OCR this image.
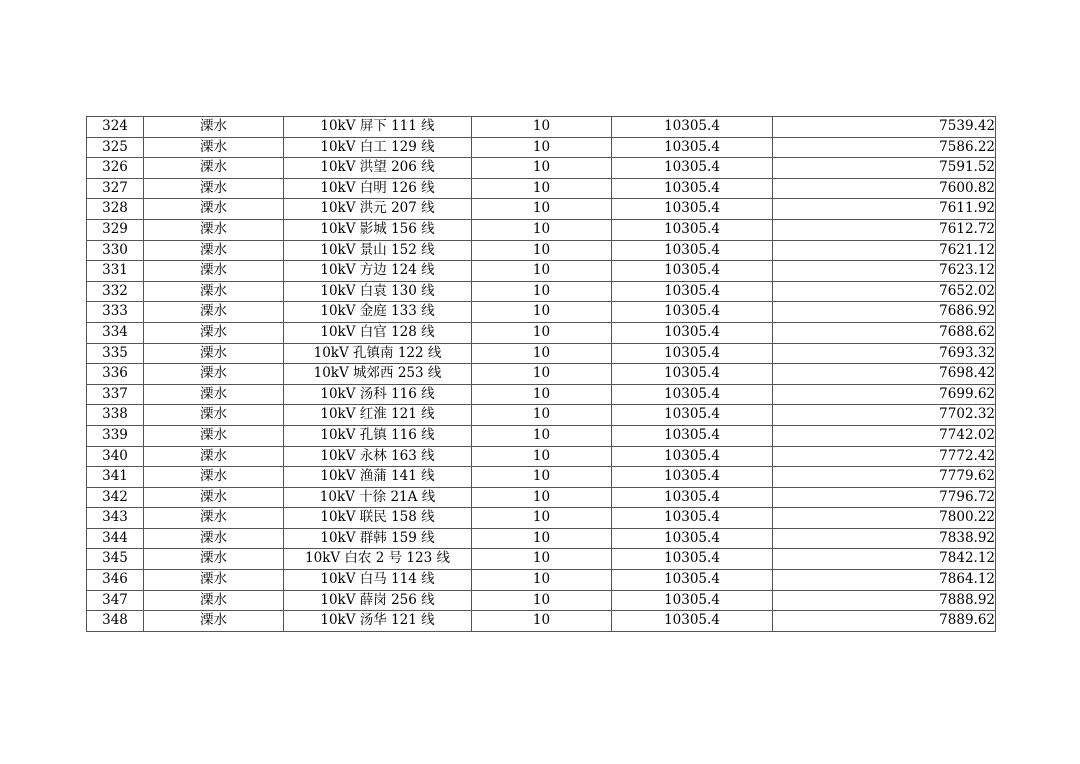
324	溧水	10kV 屏下 111 线	10	10305.4	7539.42
325	溧水	10kV 白工 129 线	10	10305.4	7586.22
326	溧水	10kV 洪望 206 线	10	10305.4	7591.52
327	溧水	10kV 白明 126 线	10	10305.4	7600.82
328	溧水	10kV 洪元 207 线	10	10305.4	7611.92
329	溧水	10kV 影城 156 线	10	10305.4	7612.72
330	溧水	10kV 景山 152 线	10	10305.4	7621.12
331	溧水	10kV 方边 124 线	10	10305.4	7623.12
332	溧水	10kV 白袁 130 线	10	10305.4	7652.02
333	溧水	10kV 金庭 133 线	10	10305.4	7686.92
334	溧水	10kV 白官 128 线	10	10305.4	7688.62
335	溧水	10kV 孔镇南 122 线	10	10305.4	7693.32
336	溧水	10kV 城郊西 253 线	10	10305.4	7698.42
337	溧水	10kV 汤科 116 线	10	10305.4	7699.62
338	溧水	10kV 红淮 121 线	10	10305.4	7702.32
339	溧水	10kV 孔镇 116 线	10	10305.4	7742.02
340	溧水	10kV 永林 163 线	10	10305.4	7772.42
341	溧水	10kV 渔蒲 141 线	10	10305.4	7779.62
342	溧水	10kV 十徐 21A 线	10	10305.4	7796.72
343	溧水	10kV 联民 158 线	10	10305.4	7800.22
344	溧水	10kV 群韩 159 线	10	10305.4	7838.92
345	溧水	10kV 白农 2 号 123 线	10	10305.4	7842.12
346	溧水	10kV 白马 114 线	10	10305.4	7864.12
347	溧水	10kV 薛岗 256 线	10	10305.4	7888.92
348	溧水	10kV 汤华 121 线	10	10305.4	7889.62
